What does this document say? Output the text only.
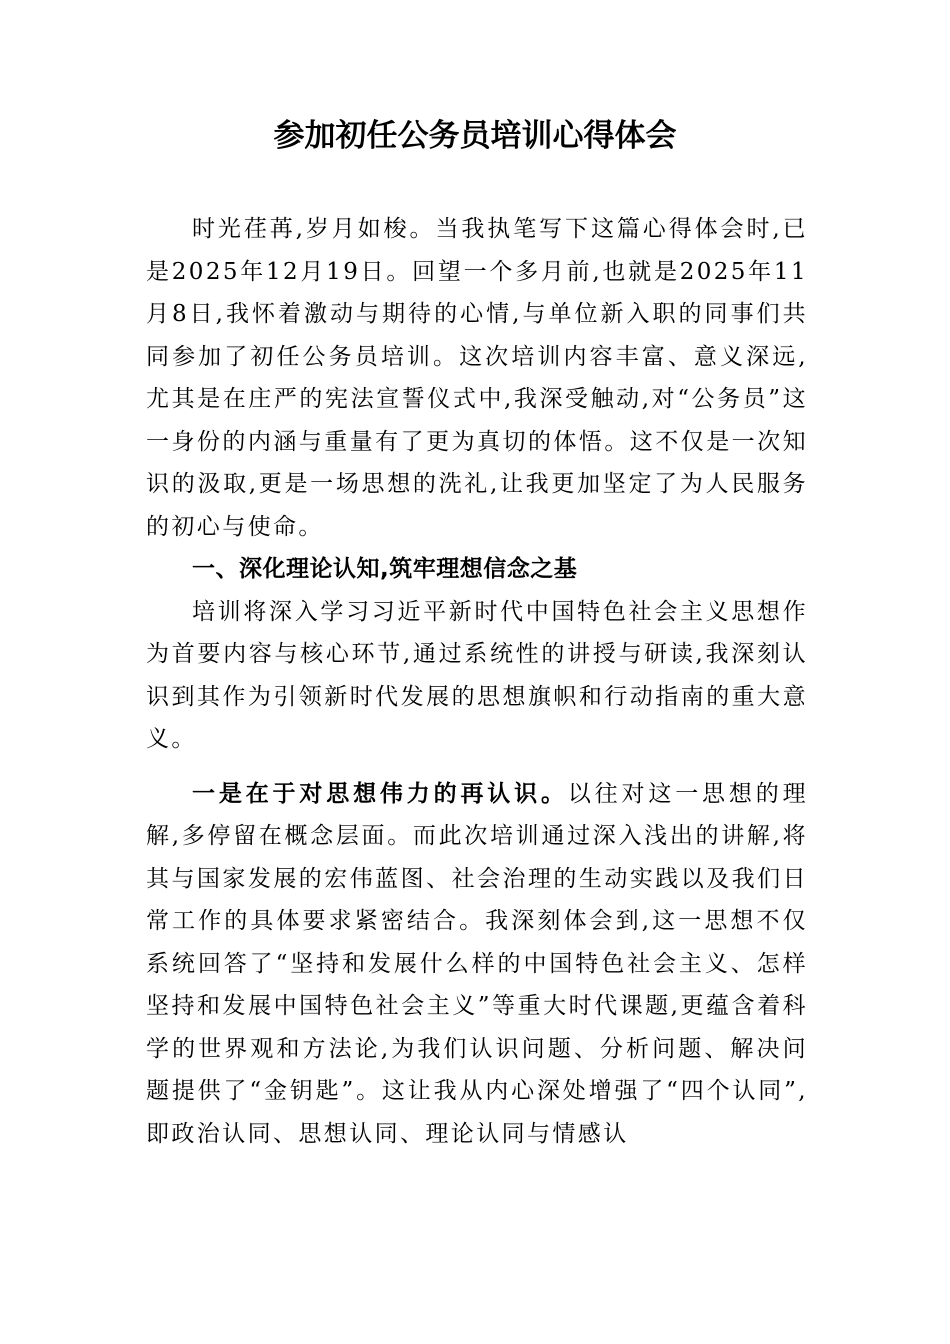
参加初任公务员培训心得体会

时光荏苒,岁月如梭。当我执笔写下这篇心得体会时,已是2025年12月19日。回望一个多月前,也就是2025年11月8日,我怀着激动与期待的心情,与单位新入职的同事们共同参加了初任公务员培训。这次培训内容丰富、意义深远,尤其是在庄严的宪法宣誓仪式中,我深受触动,对“公务员”这一身份的内涵与重量有了更为真切的体悟。这不仅是一次知识的汲取,更是一场思想的洗礼,让我更加坚定了为人民服务的初心与使命。

一、深化理论认知,筑牢理想信念之基

培训将深入学习习近平新时代中国特色社会主义思想作为首要内容与核心环节,通过系统性的讲授与研读,我深刻认识到其作为引领新时代发展的思想旗帜和行动指南的重大意义。

一是在于对思想伟力的再认识。以往对这一思想的理解,多停留在概念层面。而此次培训通过深入浅出的讲解,将其与国家发展的宏伟蓝图、社会治理的生动实践以及我们日常工作的具体要求紧密结合。我深刻体会到,这一思想不仅系统回答了“坚持和发展什么样的中国特色社会主义、怎样坚持和发展中国特色社会主义”等重大时代课题,更蕴含着科学的世界观和方法论,为我们认识问题、分析问题、解决问题提供了“金钥匙”。这让我从内心深处增强了“四个认同”,即政治认同、思想认同、理论认同与情感认
